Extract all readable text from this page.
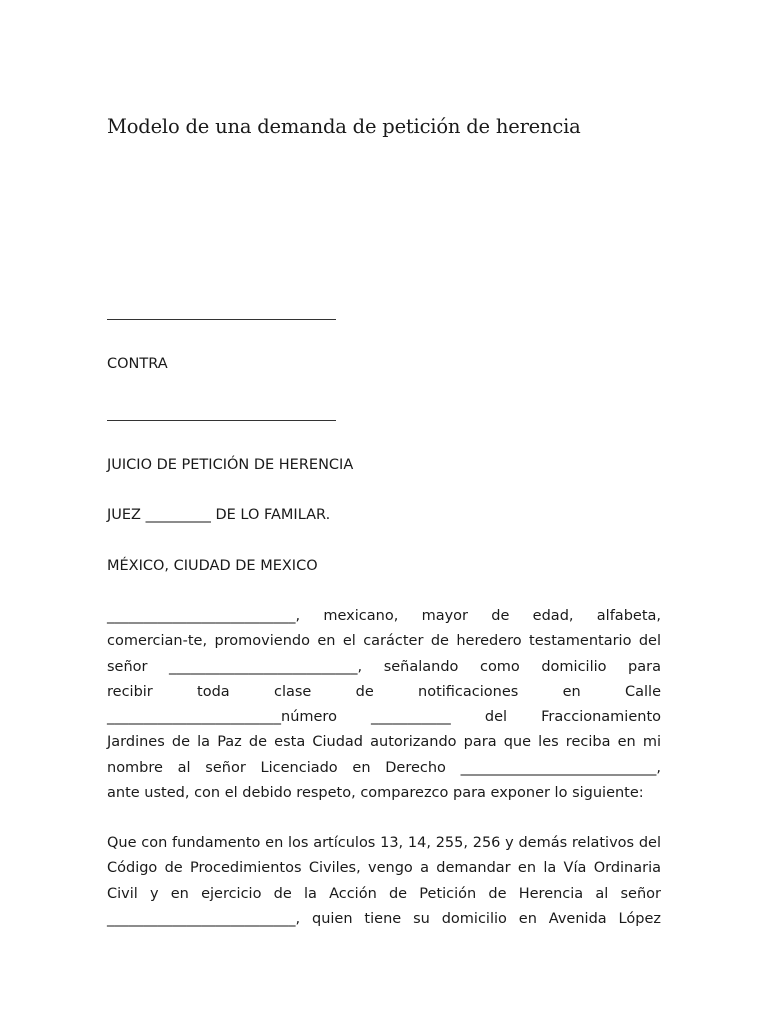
Modelo de una demanda de petición de herencia
CONTRA
JUICIO DE PETICIÓN DE HERENCIA
JUEZ _________ DE LO FAMILAR.
MÉXICO, CIUDAD DE MEXICO
__________________________, mexicano, mayor de edad, alfabeta,
comercian-te, promoviendo en el carácter de heredero testamentario del
señor __________________________, señalando como domicilio para
recibir toda clase de notificaciones en Calle
________________________número ___________ del Fraccionamiento
Jardines de la Paz de esta Ciudad autorizando para que les reciba en mi
nombre al señor Licenciado en Derecho ___________________________,
ante usted, con el debido respeto, comparezco para exponer lo siguiente:
Que con fundamento en los artículos 13, 14, 255, 256 y demás relativos del
Código de Procedimientos Civiles, vengo a demandar en la Vía Ordinaria
Civil y en ejercicio de la Acción de Petición de Herencia al señor
__________________________, quien tiene su domicilio en Avenida López
